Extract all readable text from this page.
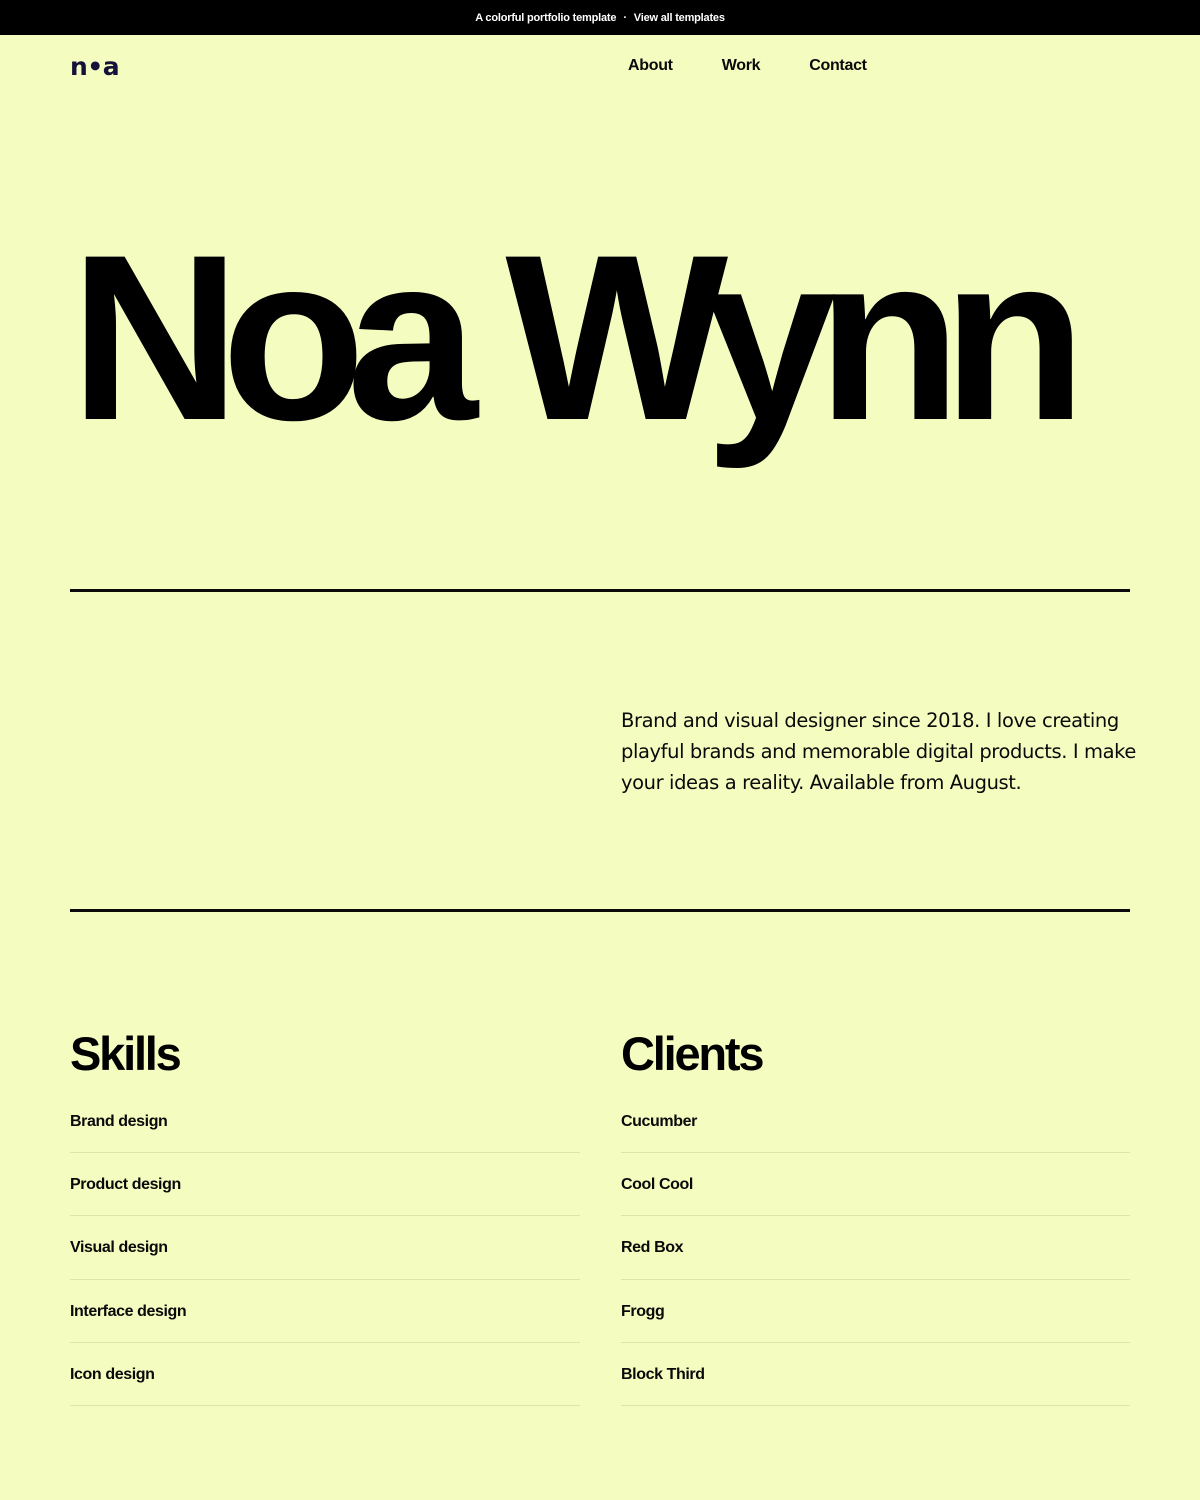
A colorful portfolio template · View all templates
n•a	About	Work	Contact
Noa Wynn

Brand and visual designer since 2018. I love creating playful brands and memorable digital products. I make your ideas a reality. Available from August.

Skills
Brand design
Product design
Visual design
Interface design
Icon design
Clients
Cucumber
Cool Cool
Red Box
Frogg
Block Third
